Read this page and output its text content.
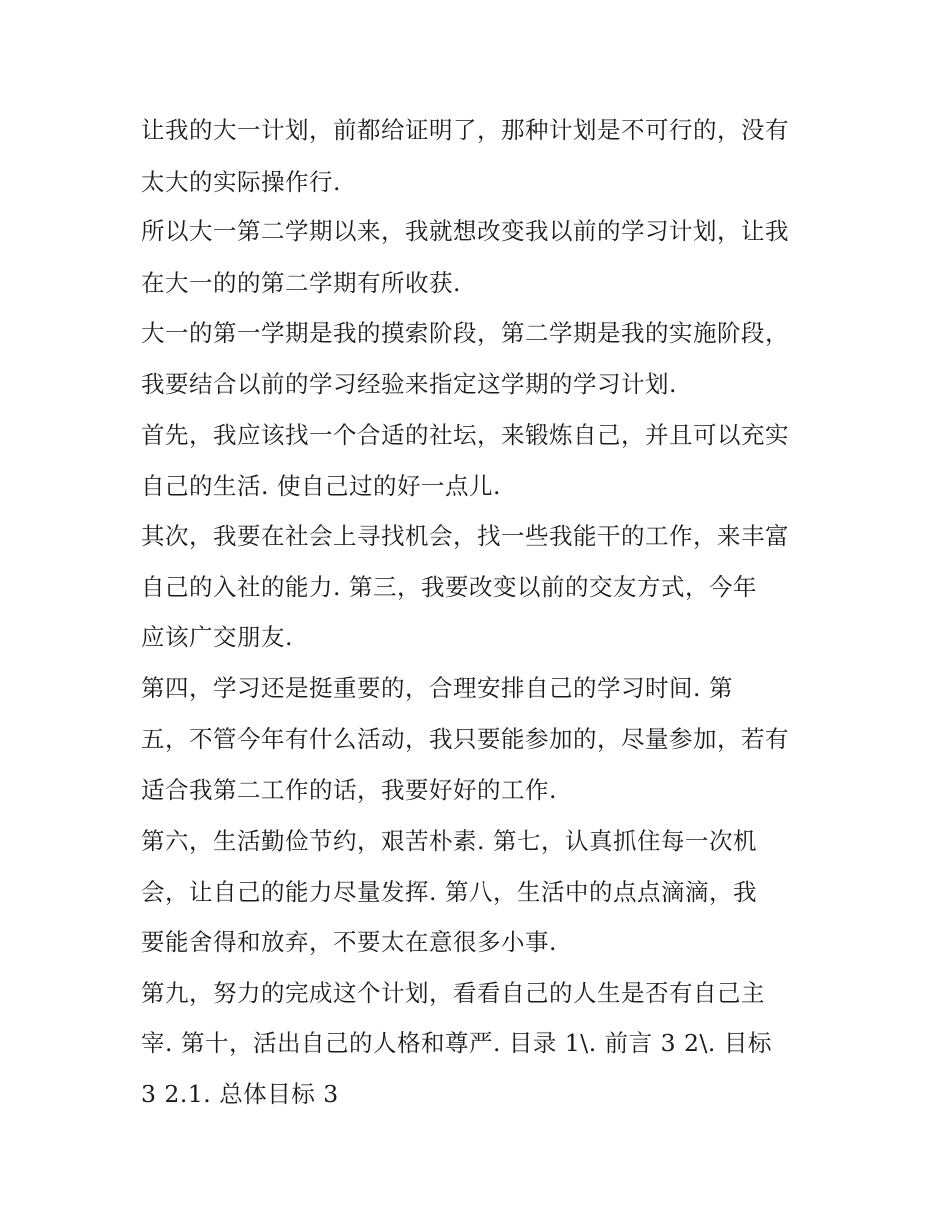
让我的大一计划，前都给证明了，那种计划是不可行的，没有

太大的实际操作行.

所以大一第二学期以来，我就想改变我以前的学习计划，让我

在大一的的第二学期有所收获.

大一的第一学期是我的摸索阶段，第二学期是我的实施阶段，

我要结合以前的学习经验来指定这学期的学习计划.

首先，我应该找一个合适的社坛，来锻炼自己，并且可以充实

自己的生活. 使自己过的好一点儿.

其次，我要在社会上寻找机会，找一些我能干的工作，来丰富

自己的入社的能力. 第三，我要改变以前的交友方式，今年

应该广交朋友.

第四，学习还是挺重要的，合理安排自己的学习时间. 第

五，不管今年有什么活动，我只要能参加的，尽量参加，若有

适合我第二工作的话，我要好好的工作.

第六，生活勤俭节约，艰苦朴素. 第七，认真抓住每一次机

会，让自己的能力尽量发挥. 第八，生活中的点点滴滴，我

要能舍得和放弃，不要太在意很多小事.

第九，努力的完成这个计划，看看自己的人生是否有自己主

宰. 第十，活出自己的人格和尊严. 目录 1\. 前言 3 2\. 目标

3 2.1. 总体目标 3
